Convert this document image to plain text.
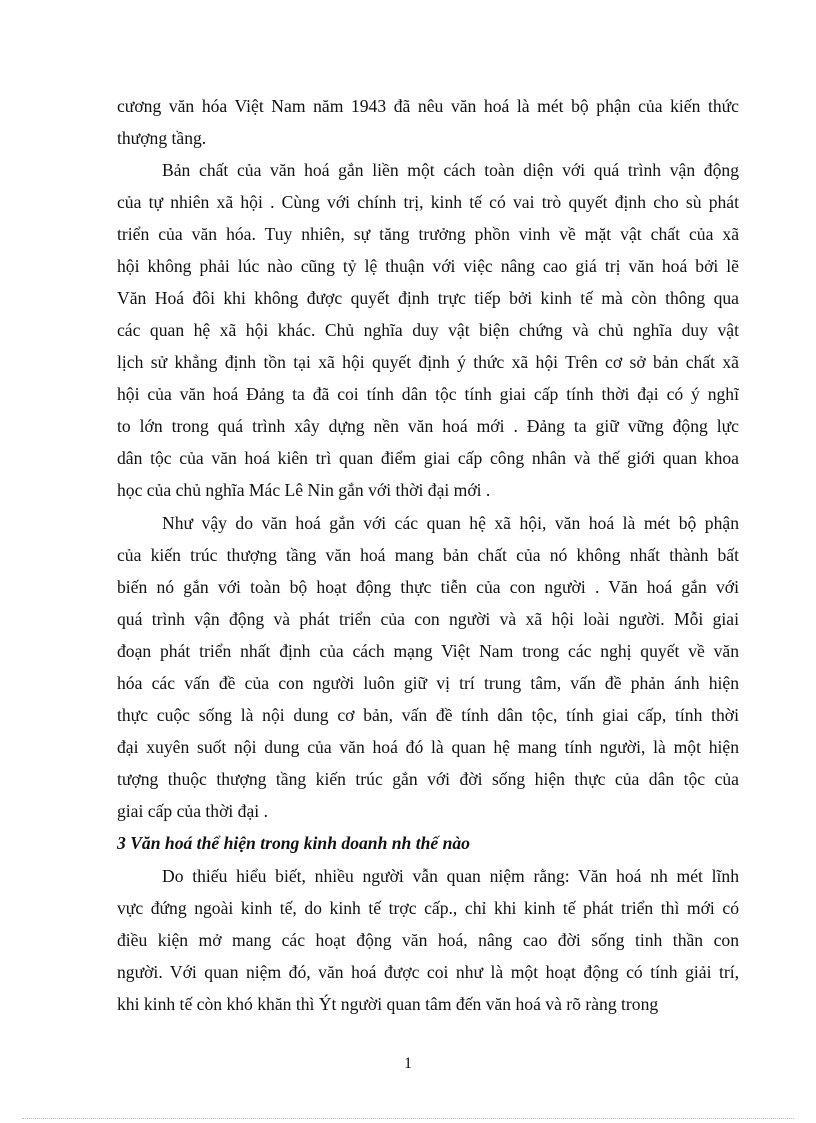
cương văn hóa Việt Nam năm 1943 đã nêu văn hoá là mét bộ phận của kiến thức
thượng tầng.
Bản chất của văn hoá gắn liền một cách toàn diện với quá trình vận động
của tự nhiên xã hội . Cùng với chính trị, kinh tế có vai trò quyết định cho sù phát
triển của văn hóa. Tuy nhiên, sự tăng trưởng phồn vinh về mặt vật chất của xã
hội không phải lúc nào cũng tỷ lệ thuận với việc nâng cao giá trị văn hoá bởi lẽ
Văn Hoá đôi khi không được quyết định trực tiếp bởi kinh tế mà còn thông qua
các quan hệ xã hội khác. Chủ nghĩa duy vật biện chứng và chủ nghĩa duy vật
lịch sử khẳng định tồn tại xã hội quyết định ý thức xã hội Trên cơ sở bản chất xã
hội của văn hoá Đảng ta đã coi tính dân tộc tính giai cấp tính thời đại có ý nghĩ
to lớn trong quá trình xây dựng nền văn hoá mới . Đảng ta giữ vững động lực
dân tộc của văn hoá kiên trì quan điểm giai cấp công nhân và thế giới quan khoa
học của chủ nghĩa Mác Lê Nin gắn với thời đại mới .
Như vậy do văn hoá gắn với các quan hệ xã hội, văn hoá là mét bộ phận
của kiến trúc thượng tầng văn hoá mang bản chất của nó không nhất thành bất
biến nó gắn với toàn bộ hoạt động thực tiễn của con người . Văn hoá gắn với
quá trình vận động và phát triển của con người và xã hội loài người. Mỗi giai
đoạn phát triển nhất định của cách mạng Việt Nam trong các nghị quyết về văn
hóa các vấn đề của con người luôn giữ vị trí trung tâm, vấn đề phản ánh hiện
thực cuộc sống là nội dung cơ bản, vấn đề tính dân tộc, tính giai cấp, tính thời
đại xuyên suốt nội dung của văn hoá đó là quan hệ mang tính người, là một hiện
tượng thuộc thượng tầng kiến trúc gắn với đời sống hiện thực của dân tộc của
giai cấp của thời đại .
3 Văn hoá thể hiện trong kinh doanh nh thế nào
Do thiếu hiểu biết, nhiều người vẫn quan niệm rằng: Văn hoá nh mét lĩnh
vực đứng ngoài kinh tế, do kinh tế trợc cấp., chỉ khi kinh tế phát triển thì mới có
điều kiện mở mang các hoạt động văn hoá, nâng cao đời sống tinh thần con
người. Với quan niệm đó, văn hoá được coi như là một hoạt động có tính giải trí,
khi kinh tế còn khó khăn thì Ýt người quan tâm đến văn hoá và rõ ràng trong
1
